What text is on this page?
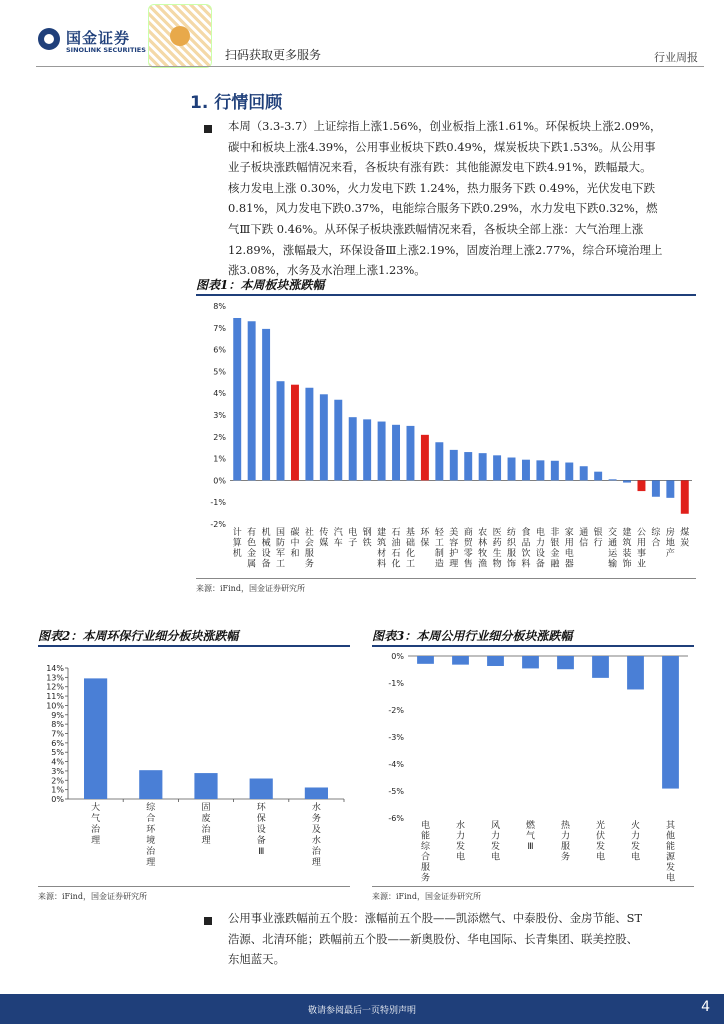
国金证券
SINOLINK SECURITIES	扫码获取更多服务	行业周报
1. 行情回顾
本周（3.3-3.7）上证综指上涨1.56%，创业板指上涨1.61%。环保板块上涨2.09%，
碳中和板块上涨4.39%，公用事业板块下跌0.49%，煤炭板块下跌1.53%。从公用事
业子板块涨跌幅情况来看，各板块有涨有跌：其他能源发电下跌4.91%，跌幅最大。
核力发电上涨 0.30%，火力发电下跌 1.24%，热力服务下跌 0.49%，光伏发电下跌
0.81%，风力发电下跌0.37%，电能综合服务下跌0.29%，水力发电下跌0.32%，燃
气Ⅲ下跌 0.46%。从环保子板块涨跌幅情况来看，各板块全部上涨：大气治理上涨
12.89%，涨幅最大，环保设备Ⅲ上涨2.19%，固废治理上涨2.77%，综合环境治理上
涨3.08%，水务及水治理上涨1.23%。
图表1：本周板块涨跌幅
-2%
-1%
0%
1%
2%
3%
4%
5%
6%
7%
8%
计
算
机
有
色
金
属
机
械
设
备
国
防
军
工
碳
中
和
社
会
服
务
传
媒
汽
车
电
子
钢
铁
建
筑
材
料
石
油
石
化
基
础
化
工
环
保
轻
工
制
造
美
容
护
理
商
贸
零
售
农
林
牧
渔
医
药
生
物
纺
织
服
饰
食
品
饮
料
电
力
设
备
非
银
金
融
家
用
电
器
通
信
银
行
交
通
运
输
建
筑
装
饰
公
用
事
业
综
合
房
地
产
煤
炭
来源：iFind，国金证券研究所
图表2：本周环保行业细分板块涨跌幅
0%
1%
2%
3%
4%
5%
6%
7%
8%
9%
10%
11%
12%
13%
14%
大
气
治
理
综
合
环
境
治
理
固
废
治
理
环
保
设
备
Ⅲ
水
务
及
水
治
理
来源：iFind，国金证券研究所
图表3：本周公用行业细分板块涨跌幅
0%
-1%
-2%
-3%
-4%
-5%
-6%
电
能
综
合
服
务
水
力
发
电
风
力
发
电
燃
气
Ⅲ
热
力
服
务
光
伏
发
电
火
力
发
电
其
他
能
源
发
电
来源：iFind，国金证券研究所
公用事业涨跌幅前五个股：涨幅前五个股——凯添燃气、中泰股份、金房节能、ST
浩源、北清环能；跌幅前五个股——新奥股份、华电国际、长青集团、联美控股、
东旭蓝天。
敬请参阅最后一页特别声明	4
